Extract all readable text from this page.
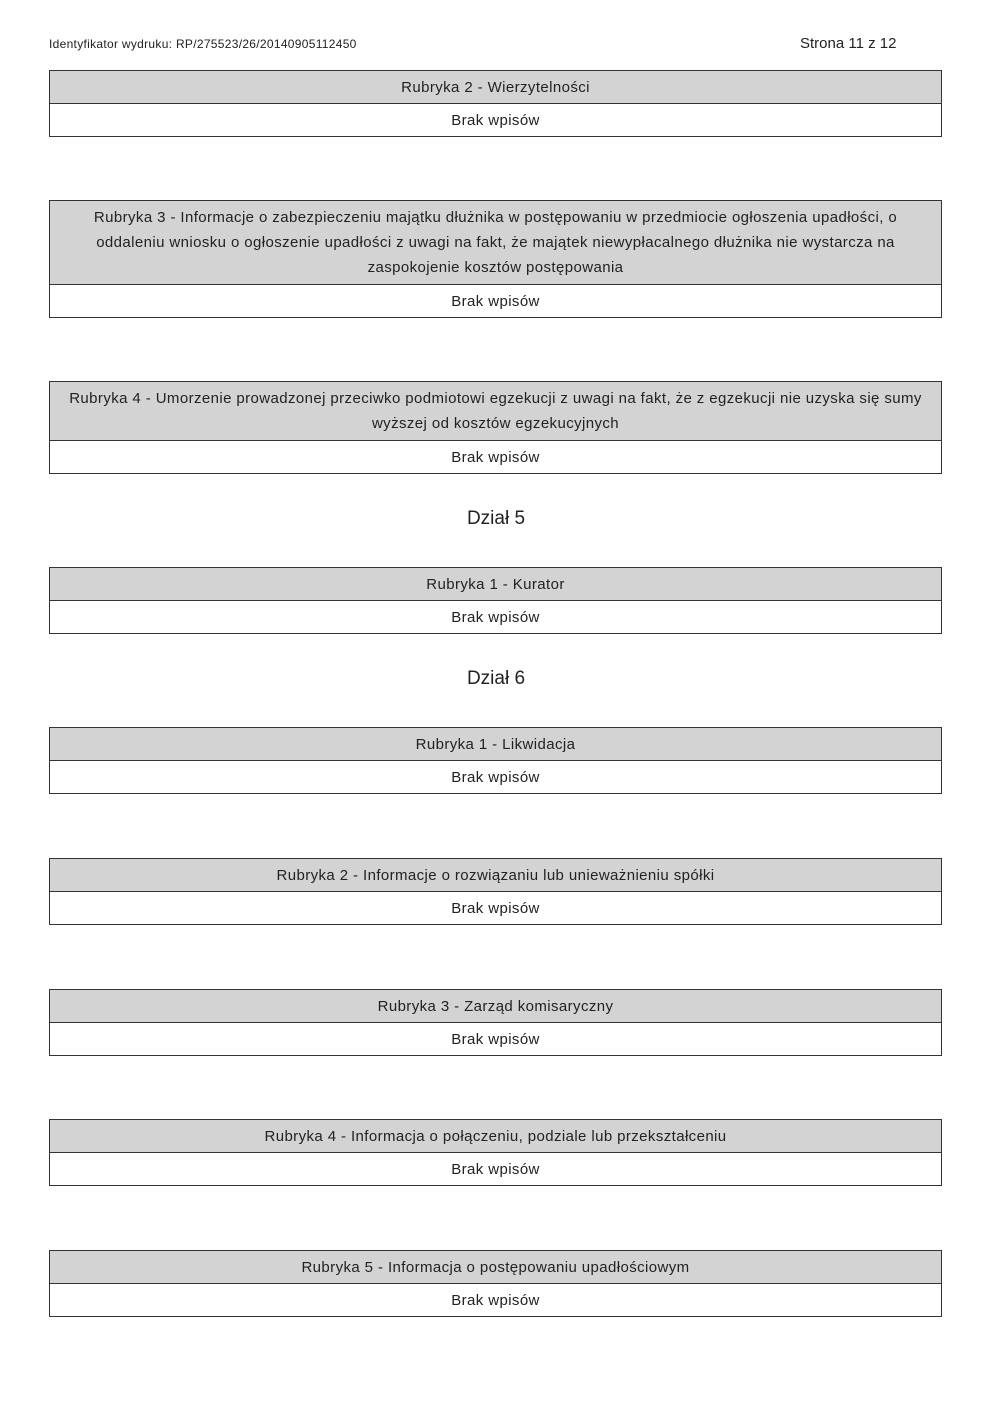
Identyfikator wydruku: RP/275523/26/20140905112450	Strona 11 z 12
Rubryka 2 - Wierzytelności
Brak wpisów
Rubryka 3 - Informacje o zabezpieczeniu majątku dłużnika w postępowaniu w przedmiocie ogłoszenia upadłości, o oddaleniu wniosku o ogłoszenie upadłości z uwagi na fakt, że majątek niewypłacalnego dłużnika nie wystarcza na zaspokojenie kosztów postępowania
Brak wpisów
Rubryka 4 - Umorzenie prowadzonej przeciwko podmiotowi egzekucji z uwagi na fakt, że z egzekucji nie uzyska się sumy wyższej od kosztów egzekucyjnych
Brak wpisów
Dział 5
Rubryka 1 - Kurator
Brak wpisów
Dział 6
Rubryka 1 - Likwidacja
Brak wpisów
Rubryka 2 - Informacje o rozwiązaniu lub unieważnieniu spółki
Brak wpisów
Rubryka 3 - Zarząd komisaryczny
Brak wpisów
Rubryka 4 - Informacja o połączeniu, podziale lub przekształceniu
Brak wpisów
Rubryka 5 - Informacja o postępowaniu upadłościowym
Brak wpisów
